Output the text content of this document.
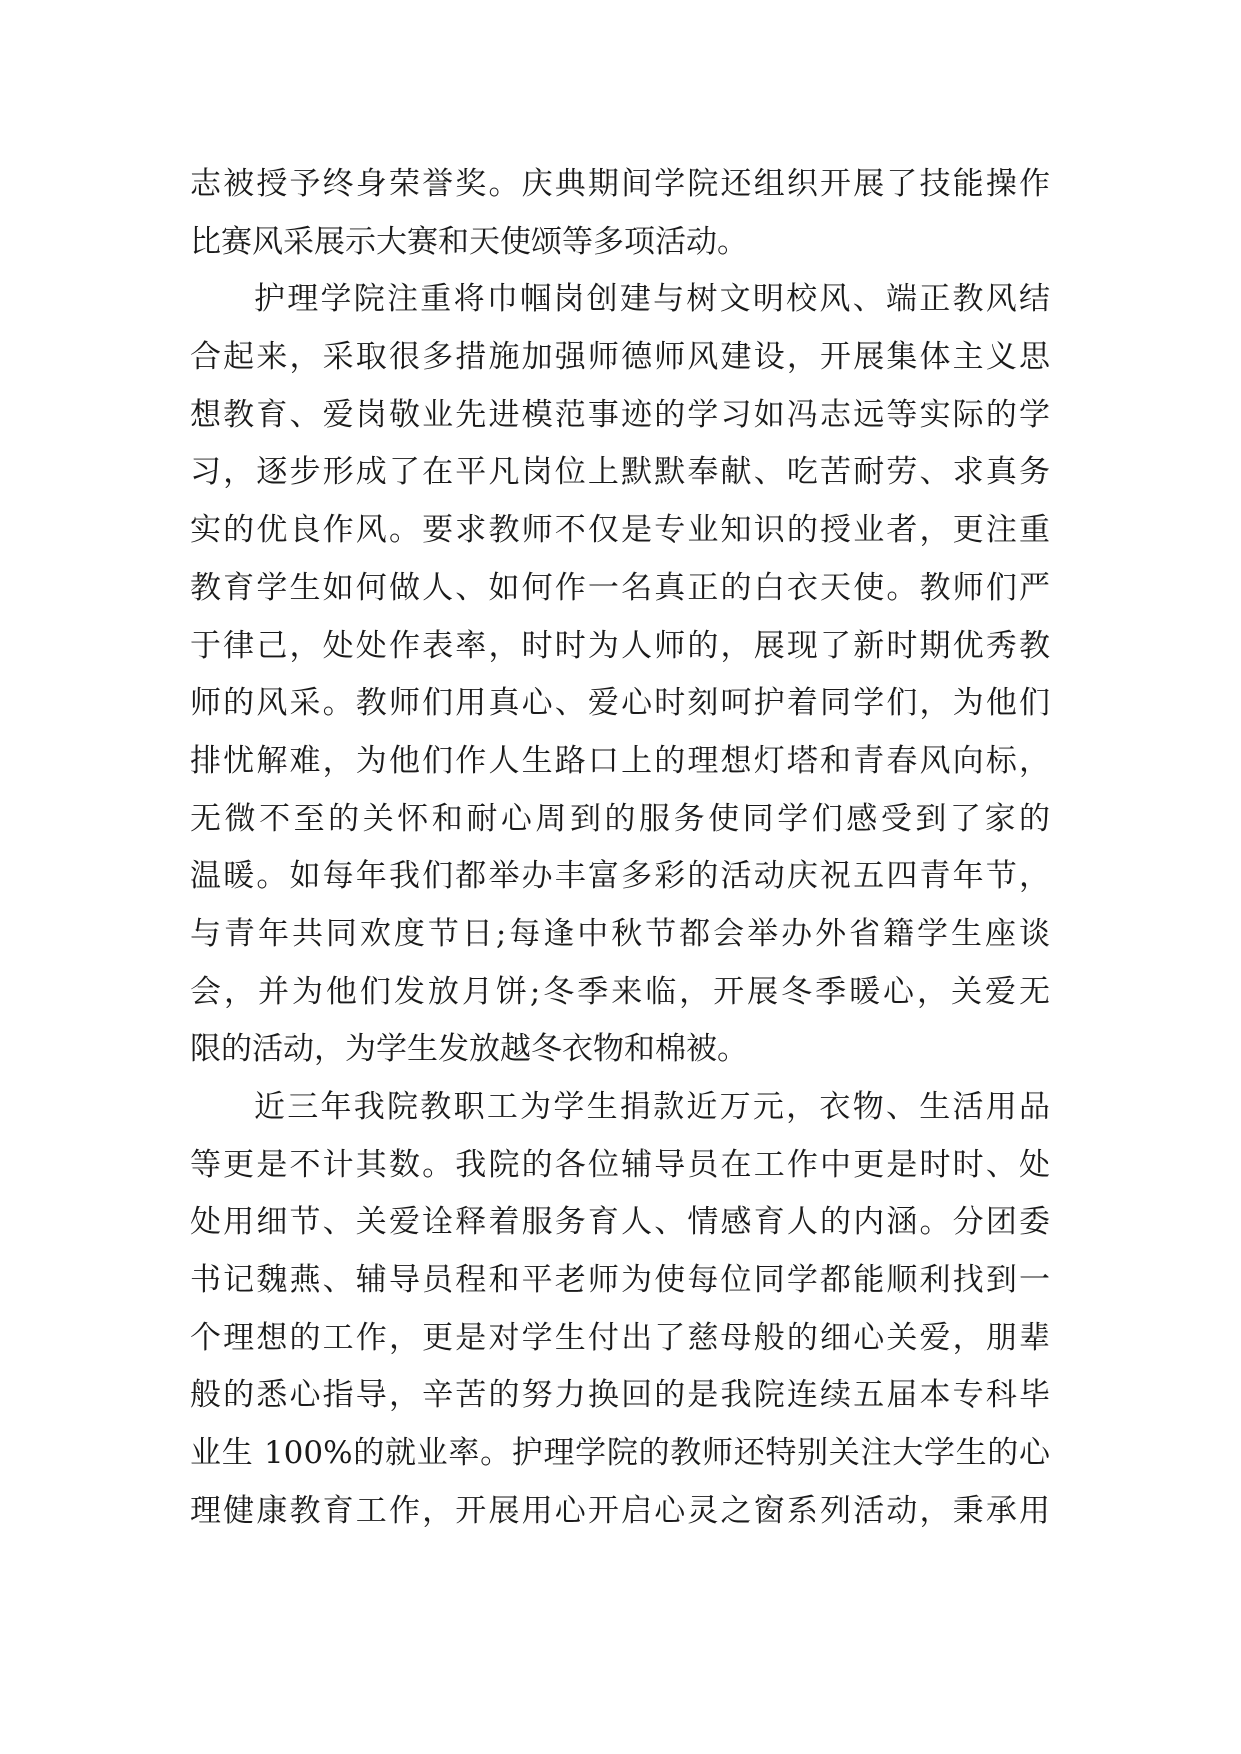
志被授予终身荣誉奖。庆典期间学院还组织开展了技能操作
比赛风采展示大赛和天使颂等多项活动。
护理学院注重将巾帼岗创建与树文明校风、端正教风结
合起来，采取很多措施加强师德师风建设，开展集体主义思
想教育、爱岗敬业先进模范事迹的学习如冯志远等实际的学
习，逐步形成了在平凡岗位上默默奉献、吃苦耐劳、求真务
实的优良作风。要求教师不仅是专业知识的授业者，更注重
教育学生如何做人、如何作一名真正的白衣天使。教师们严
于律己，处处作表率，时时为人师的，展现了新时期优秀教
师的风采。教师们用真心、爱心时刻呵护着同学们，为他们
排忧解难，为他们作人生路口上的理想灯塔和青春风向标，
无微不至的关怀和耐心周到的服务使同学们感受到了家的
温暖。如每年我们都举办丰富多彩的活动庆祝五四青年节，
与青年共同欢度节日;每逢中秋节都会举办外省籍学生座谈
会，并为他们发放月饼;冬季来临，开展冬季暖心，关爱无
限的活动，为学生发放越冬衣物和棉被。
近三年我院教职工为学生捐款近万元，衣物、生活用品
等更是不计其数。我院的各位辅导员在工作中更是时时、处
处用细节、关爱诠释着服务育人、情感育人的内涵。分团委
书记魏燕、辅导员程和平老师为使每位同学都能顺利找到一
个理想的工作，更是对学生付出了慈母般的细心关爱，朋辈
般的悉心指导，辛苦的努力换回的是我院连续五届本专科毕
业生 100%的就业率。护理学院的教师还特别关注大学生的心
理健康教育工作，开展用心开启心灵之窗系列活动，秉承用
